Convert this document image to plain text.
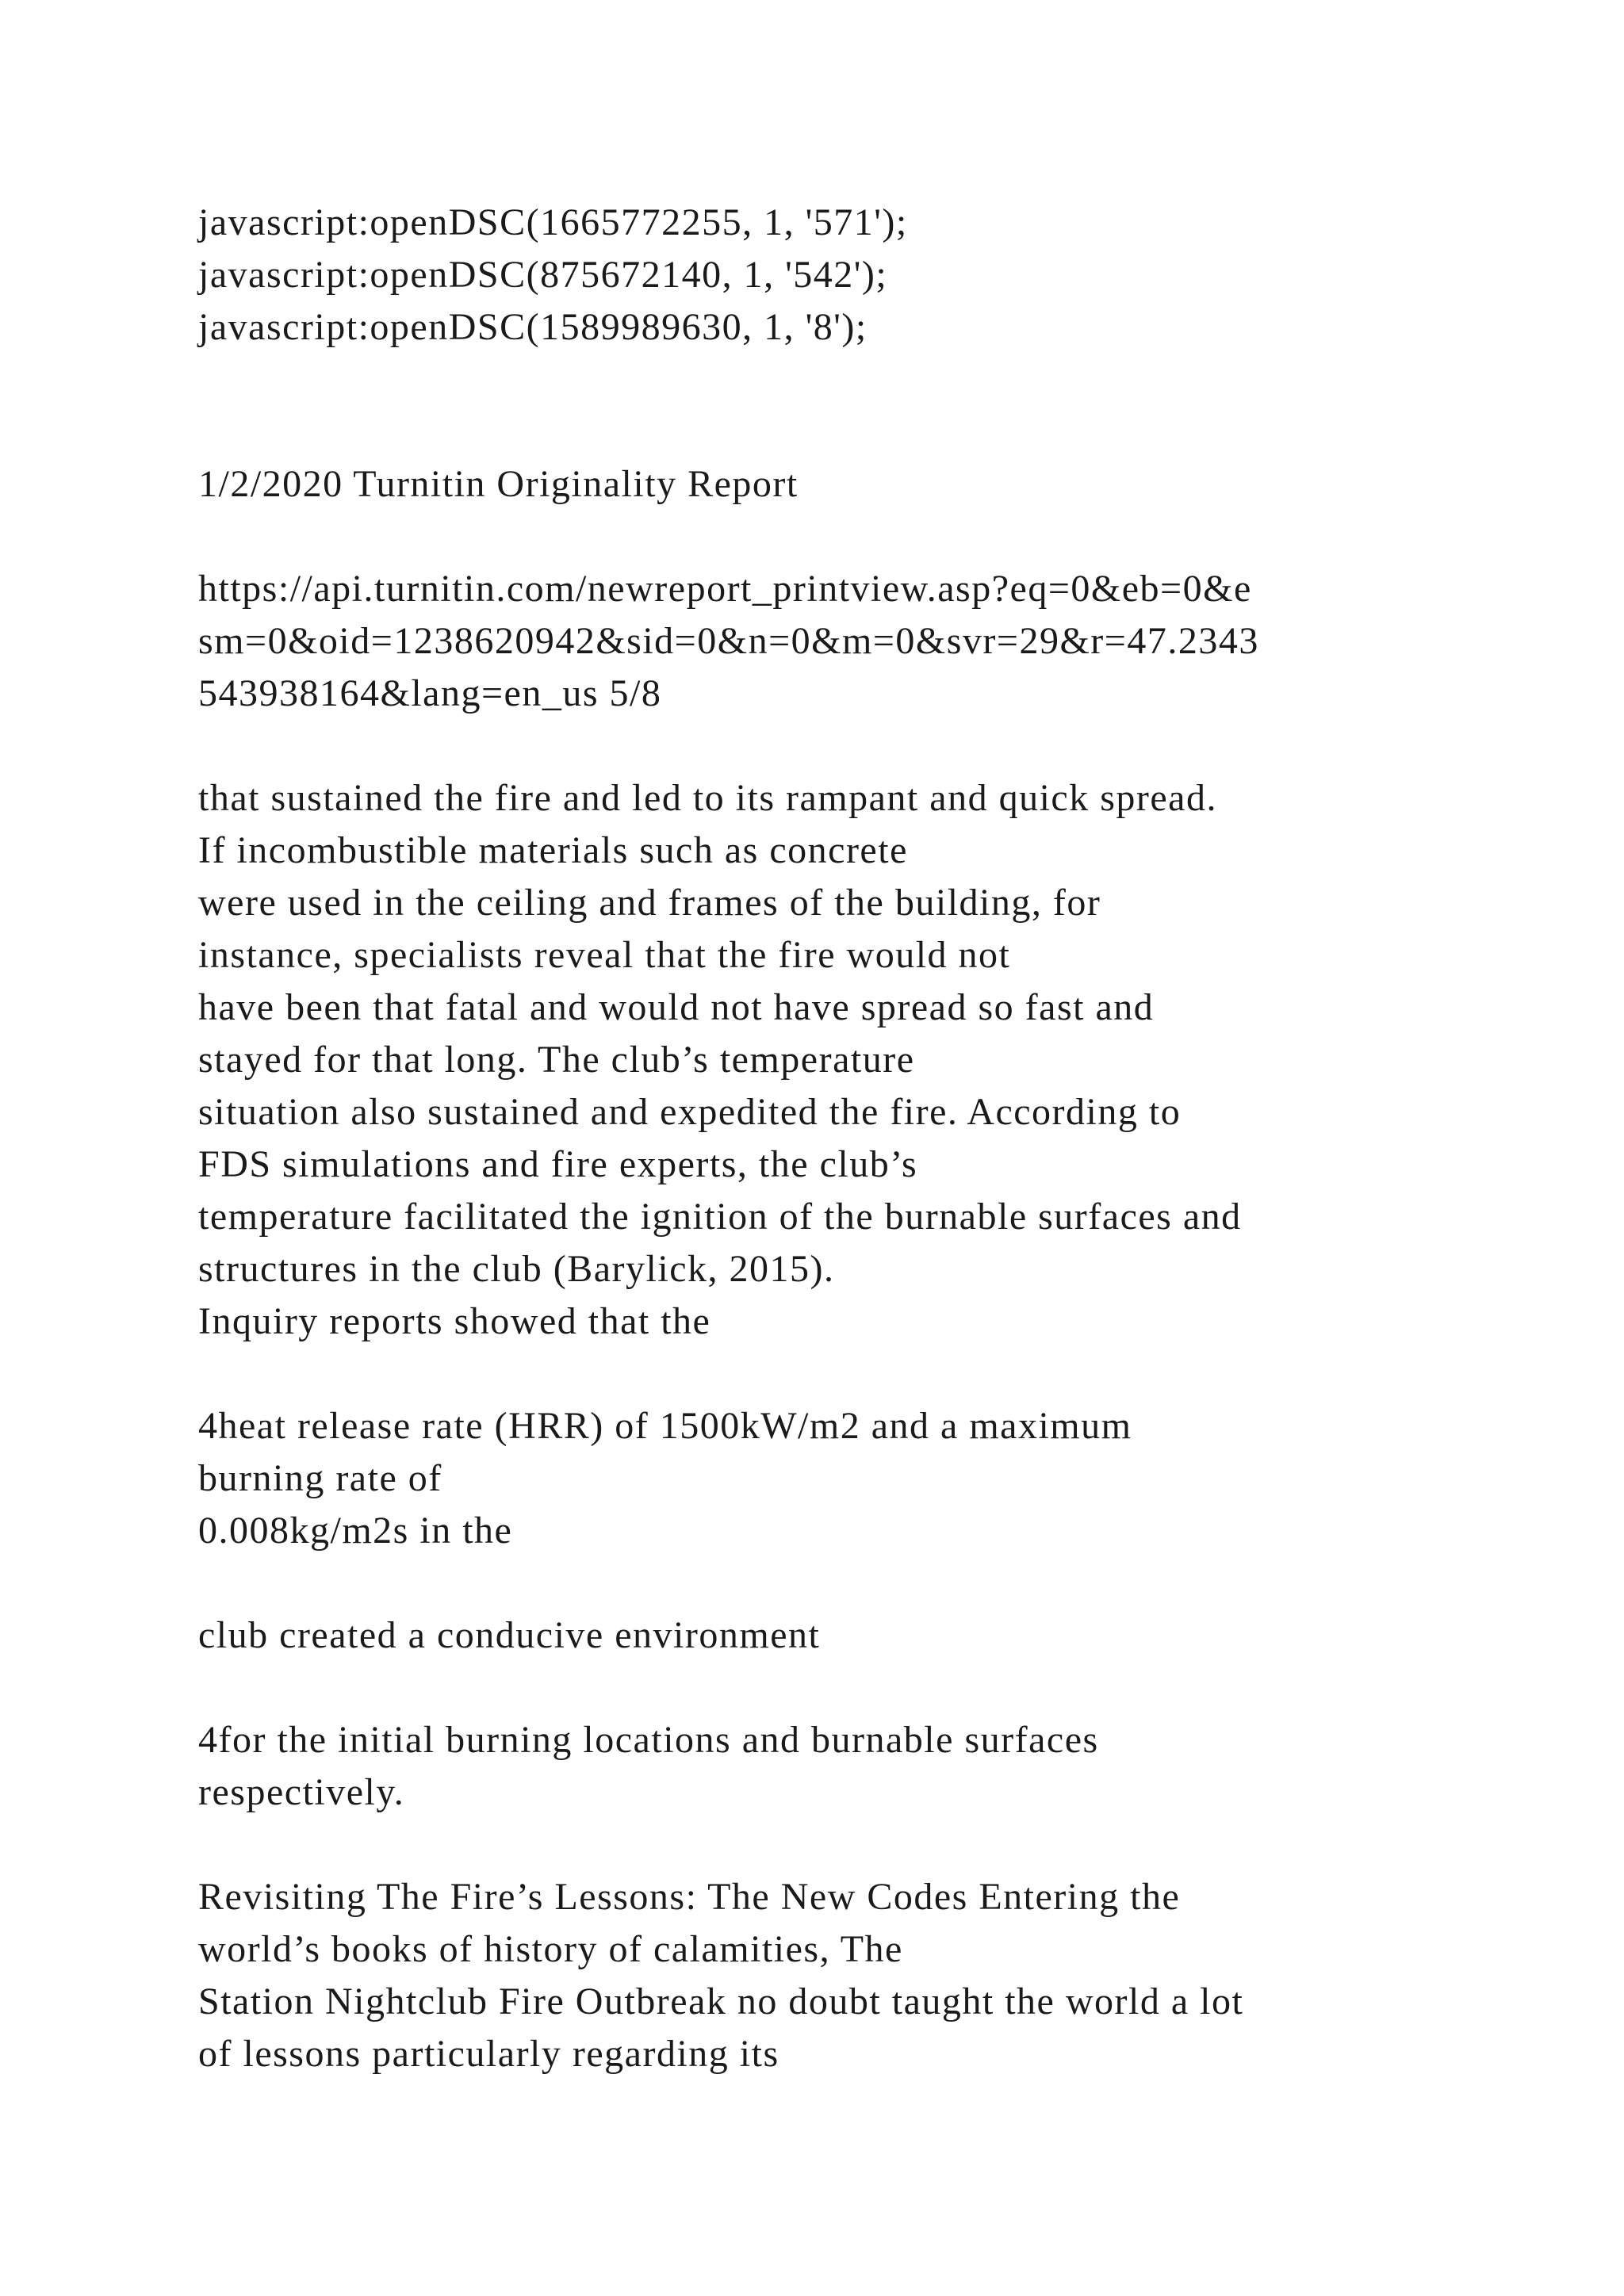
javascript:openDSC(1665772255, 1, '571');
javascript:openDSC(875672140, 1, '542');
javascript:openDSC(1589989630, 1, '8');
1/2/2020 Turnitin Originality Report
https://api.turnitin.com/newreport_printview.asp?eq=0&eb=0&e
sm=0&oid=1238620942&sid=0&n=0&m=0&svr=29&r=47.2343
543938164&lang=en_us 5/8
that sustained the fire and led to its rampant and quick spread.
If incombustible materials such as concrete
were used in the ceiling and frames of the building, for
instance, specialists reveal that the fire would not
have been that fatal and would not have spread so fast and
stayed for that long. The club’s temperature
situation also sustained and expedited the fire. According to
FDS simulations and fire experts, the club’s
temperature facilitated the ignition of the burnable surfaces and
structures in the club (Barylick, 2015).
Inquiry reports showed that the
4heat release rate (HRR) of 1500kW/m2 and a maximum
burning rate of
0.008kg/m2s in the
club created a conducive environment
4for the initial burning locations and burnable surfaces
respectively.
Revisiting The Fire’s Lessons: The New Codes Entering the
world’s books of history of calamities, The
Station Nightclub Fire Outbreak no doubt taught the world a lot
of lessons particularly regarding its
